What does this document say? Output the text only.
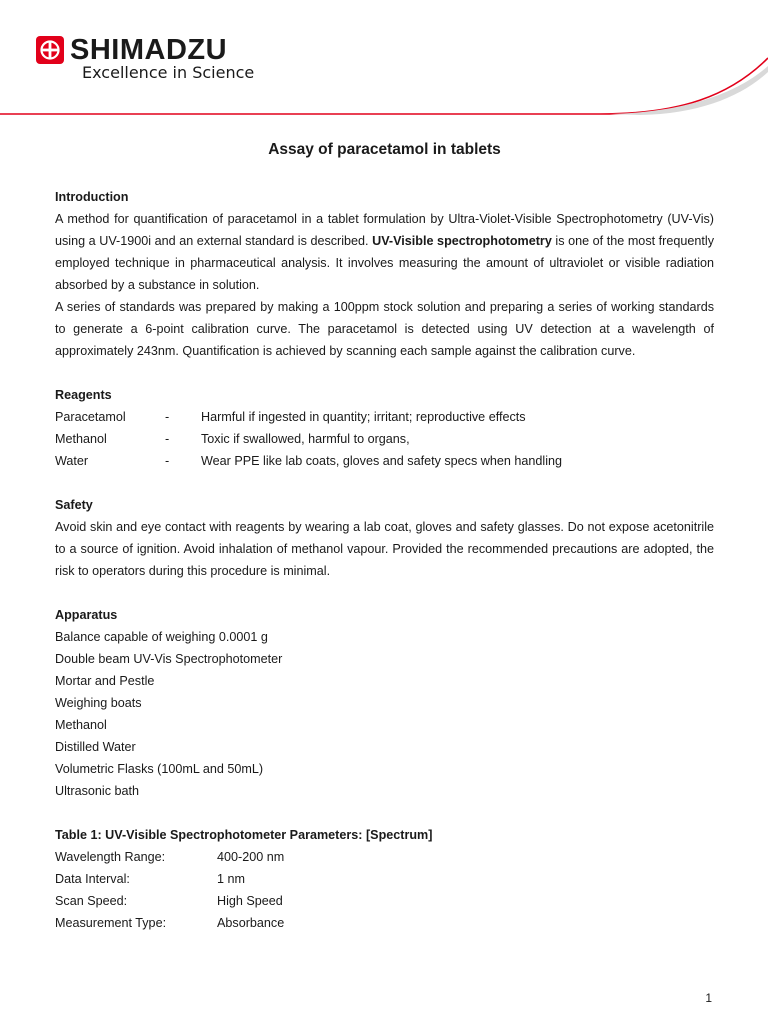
SHIMADZU
Excellence in Science
Assay of paracetamol in tablets
Introduction

A method for quantification of paracetamol in a tablet formulation by Ultra-Violet-Visible Spectrophotometry (UV-Vis) using a UV-1900i and an external standard is described. UV-Visible spectrophotometry is one of the most frequently employed technique in pharmaceutical analysis. It involves measuring the amount of ultraviolet or visible radiation absorbed by a substance in solution.

A series of standards was prepared by making a 100ppm stock solution and preparing a series of working standards to generate a 6-point calibration curve. The paracetamol is detected using UV detection at a wavelength of approximately 243nm. Quantification is achieved by scanning each sample against the calibration curve.

Reagents
Paracetamol	-	Harmful if ingested in quantity; irritant; reproductive effects
Methanol	-	Toxic if swallowed, harmful to organs,
Water	-	Wear PPE like lab coats, gloves and safety specs when handling
Safety

Avoid skin and eye contact with reagents by wearing a lab coat, gloves and safety glasses. Do not expose acetonitrile to a source of ignition. Avoid inhalation of methanol vapour. Provided the recommended precautions are adopted, the risk to operators during this procedure is minimal.

Apparatus

Balance capable of weighing 0.0001 g

Double beam UV-Vis Spectrophotometer

Mortar and Pestle

Weighing boats

Methanol

Distilled Water

Volumetric Flasks (100mL and 50mL)

Ultrasonic bath

Table 1: UV-Visible Spectrophotometer Parameters: [Spectrum]
Wavelength Range:	400-200 nm
Data Interval:	1 nm
Scan Speed:	High Speed
Measurement Type:	Absorbance
1
